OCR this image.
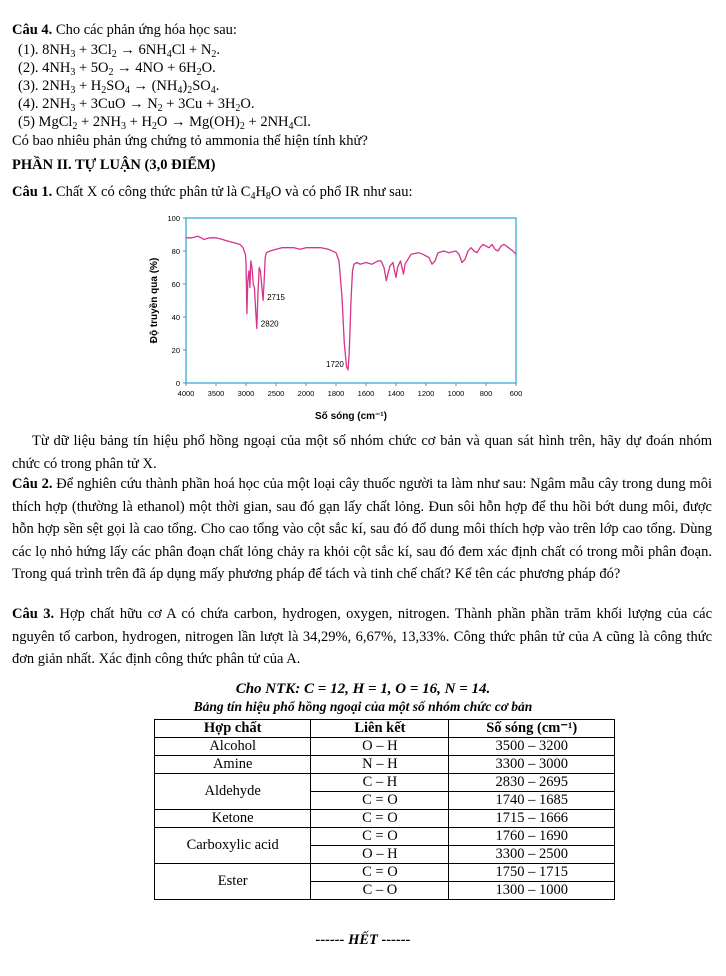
Câu 4. Cho các phản ứng hóa học sau:
(1). $8NH_3 + 3Cl_2 \to 6NH_4Cl + N_2$.
(2). $4NH_3 + 5O_2 \to 4NO + 6H_2O$.
(3). $2NH_3 + H_2SO_4 \to (NH_4)_2SO_4$.
(4). $2NH_3 + 3CuO \to N_2 + 3Cu + 3H_2O$.
(5) MgCl$_2$ + $2NH_3 + H_2O \to Mg(OH)_2 + 2NH_4Cl$.
Có bao nhiêu phản ứng chứng tỏ ammonia thể hiện tính khử?
PHẦN II. TỰ LUẬN (3,0 ĐIỂM)
Câu 1. Chất X có công thức phân tử là $C_4H_8O$ và có phổ IR như sau:
0
20
40
60
80
100
4000 3500 3000 2500 2000 1800 1600 1400 1200 1000 800 600
2715
2820
1720
Số sóng (cm⁻¹)
Độ truyền qua (%)
Từ dữ liệu bảng tín hiệu phổ hồng ngoại của một số nhóm chức cơ bản và quan sát hình trên, hãy dự đoán nhóm chức có trong phân tử X.
Câu 2. Để nghiên cứu thành phần hoá học của một loại cây thuốc người ta làm như sau: Ngâm mẫu cây trong dung môi thích hợp (thường là ethanol) một thời gian, sau đó gạn lấy chất lỏng. Đun sôi hỗn hợp để thu hồi bớt dung môi, được hỗn hợp sền sệt gọi là cao tổng. Cho cao tổng vào cột sắc kí, sau đó đổ dung môi thích hợp vào trên lớp cao tổng. Dùng các lọ nhỏ hứng lấy các phân đoạn chất lỏng chảy ra khỏi cột sắc kí, sau đó đem xác định chất có trong mỗi phân đoạn. Trong quá trình trên đã áp dụng mấy phương pháp để tách và tinh chế chất? Kể tên các phương pháp đó?
Câu 3. Hợp chất hữu cơ A có chứa carbon, hydrogen, oxygen, nitrogen. Thành phần phần trăm khối lượng của các nguyên tố carbon, hydrogen, nitrogen lần lượt là 34,29%, 6,67%, 13,33%. Công thức phân tử của A cũng là công thức đơn giản nhất. Xác định công thức phân tử của A.
Cho NTK: C = 12, H = 1, O = 16, N = 14.
Bảng tín hiệu phổ hồng ngoại của một số nhóm chức cơ bản
Hợp chất	Liên kết	Số sóng (cm⁻¹)
Alcohol	O – H	3500 – 3200
Amine	N – H	3300 – 3000
Aldehyde	C – H	2830 – 2695
	C = O	1740 – 1685
Ketone	C = O	1715 – 1666
Carboxylic acid	C = O	1760 – 1690
	O – H	3300 – 2500
Ester	C = O	1750 – 1715
	C – O	1300 – 1000
------ HẾT ------
